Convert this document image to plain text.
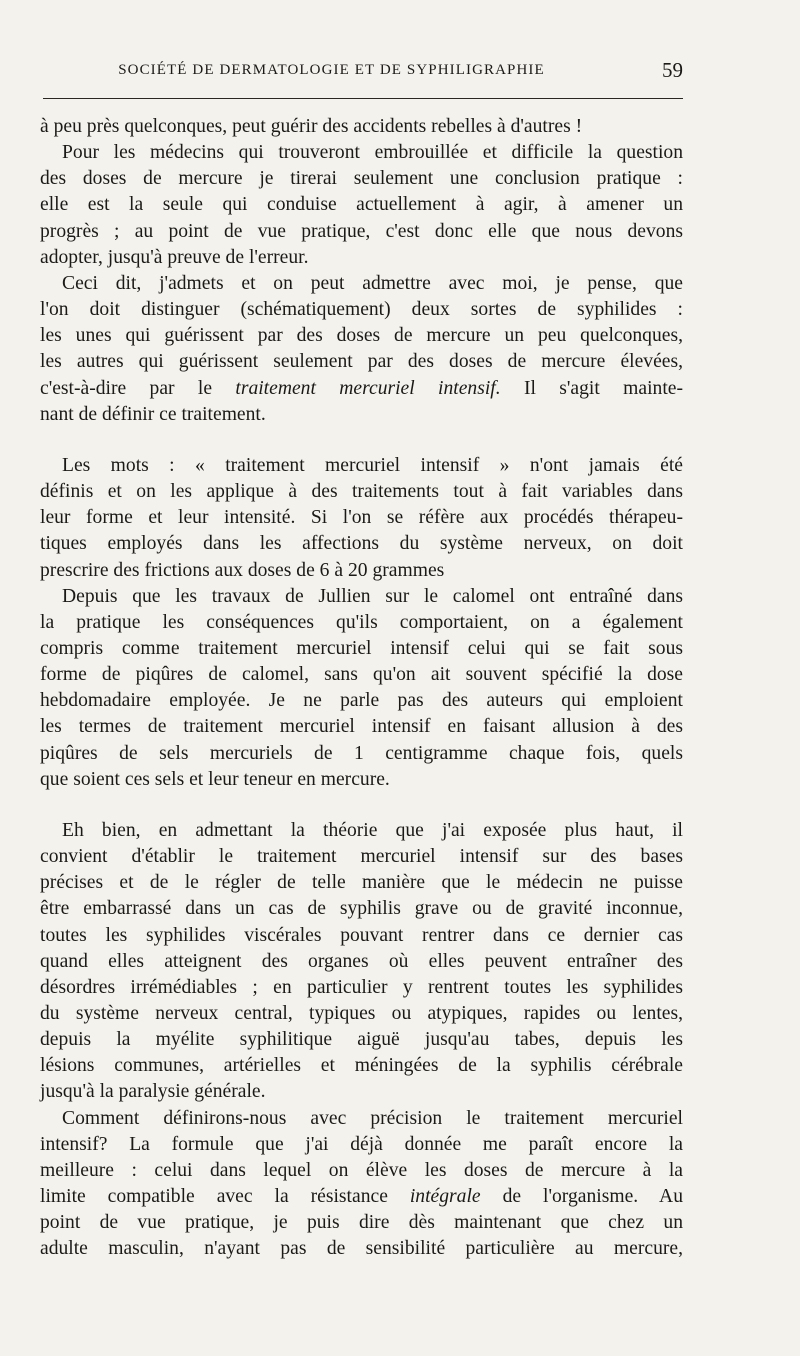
SOCIÉTÉ DE DERMATOLOGIE ET DE SYPHILIGRAPHIE	59
à peu près quelconques, peut guérir des accidents rebelles à d'autres !
Pour les médecins qui trouveront embrouillée et difficile la question
des doses de mercure je tirerai seulement une conclusion pratique :
elle est la seule qui conduise actuellement à agir, à amener un
progrès ; au point de vue pratique, c'est donc elle que nous devons
adopter, jusqu'à preuve de l'erreur.
Ceci dit, j'admets et on peut admettre avec moi, je pense, que
l'on doit distinguer (schématiquement) deux sortes de syphilides :
les unes qui guérissent par des doses de mercure un peu quelconques,
les autres qui guérissent seulement par des doses de mercure élevées,
c'est-à-dire par le traitement mercuriel intensif. Il s'agit mainte-
nant de définir ce traitement.
Les mots : « traitement mercuriel intensif » n'ont jamais été
définis et on les applique à des traitements tout à fait variables dans
leur forme et leur intensité. Si l'on se réfère aux procédés thérapeu-
tiques employés dans les affections du système nerveux, on doit
prescrire des frictions aux doses de 6 à 20 grammes
Depuis que les travaux de Jullien sur le calomel ont entraîné dans
la pratique les conséquences qu'ils comportaient, on a également
compris comme traitement mercuriel intensif celui qui se fait sous
forme de piqûres de calomel, sans qu'on ait souvent spécifié la dose
hebdomadaire employée. Je ne parle pas des auteurs qui emploient
les termes de traitement mercuriel intensif en faisant allusion à des
piqûres de sels mercuriels de 1 centigramme chaque fois, quels
que soient ces sels et leur teneur en mercure.
Eh bien, en admettant la théorie que j'ai exposée plus haut, il
convient d'établir le traitement mercuriel intensif sur des bases
précises et de le régler de telle manière que le médecin ne puisse
être embarrassé dans un cas de syphilis grave ou de gravité inconnue,
toutes les syphilides viscérales pouvant rentrer dans ce dernier cas
quand elles atteignent des organes où elles peuvent entraîner des
désordres irrémédiables ; en particulier y rentrent toutes les syphilides
du système nerveux central, typiques ou atypiques, rapides ou lentes,
depuis la myélite syphilitique aiguë jusqu'au tabes, depuis les
lésions communes, artérielles et méningées de la syphilis cérébrale
jusqu'à la paralysie générale.
Comment définirons-nous avec précision le traitement mercuriel
intensif? La formule que j'ai déjà donnée me paraît encore la
meilleure : celui dans lequel on élève les doses de mercure à la
limite compatible avec la résistance intégrale de l'organisme. Au
point de vue pratique, je puis dire dès maintenant que chez un
adulte masculin, n'ayant pas de sensibilité particulière au mercure,
